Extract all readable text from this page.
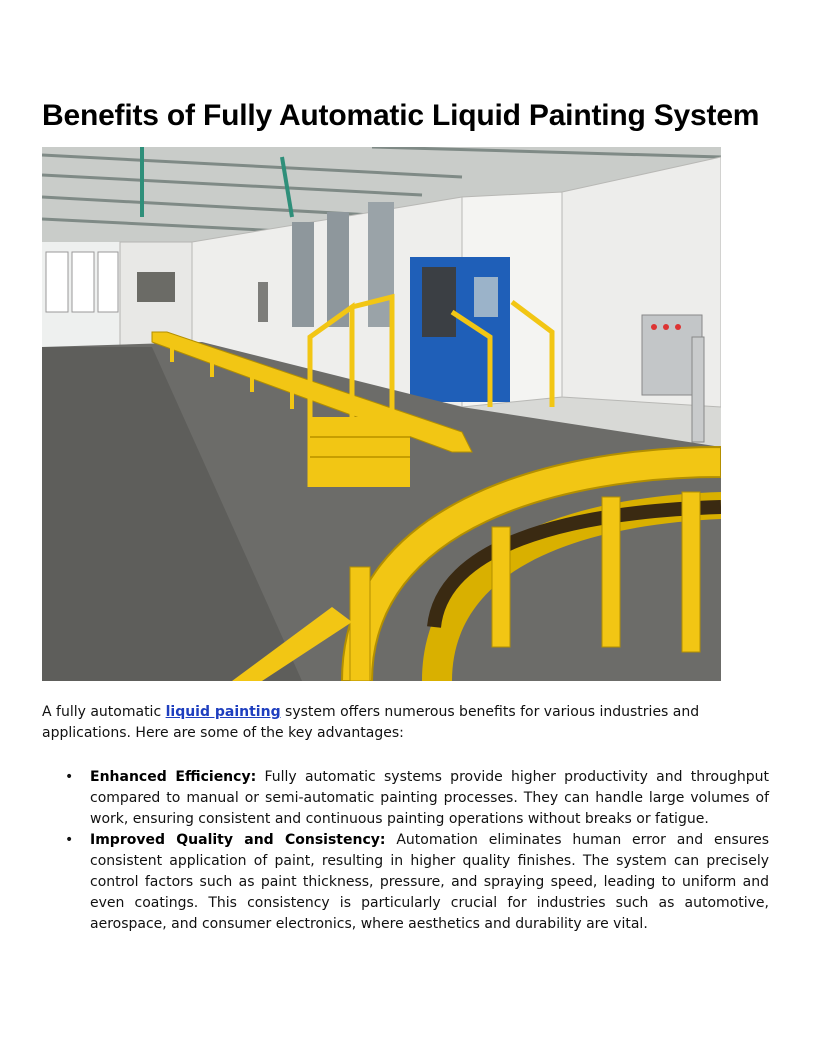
Benefits of Fully Automatic Liquid Painting System

A fully automatic liquid painting system offers numerous benefits for various industries and applications. Here are some of the key advantages:

• Enhanced Efficiency: Fully automatic systems provide higher productivity and throughput compared to manual or semi-automatic painting processes. They can handle large volumes of work, ensuring consistent and continuous painting operations without breaks or fatigue.
• Improved Quality and Consistency: Automation eliminates human error and ensures consistent application of paint, resulting in higher quality finishes. The system can precisely control factors such as paint thickness, pressure, and spraying speed, leading to uniform and even coatings. This consistency is particularly crucial for industries such as automotive, aerospace, and consumer electronics, where aesthetics and durability are vital.
